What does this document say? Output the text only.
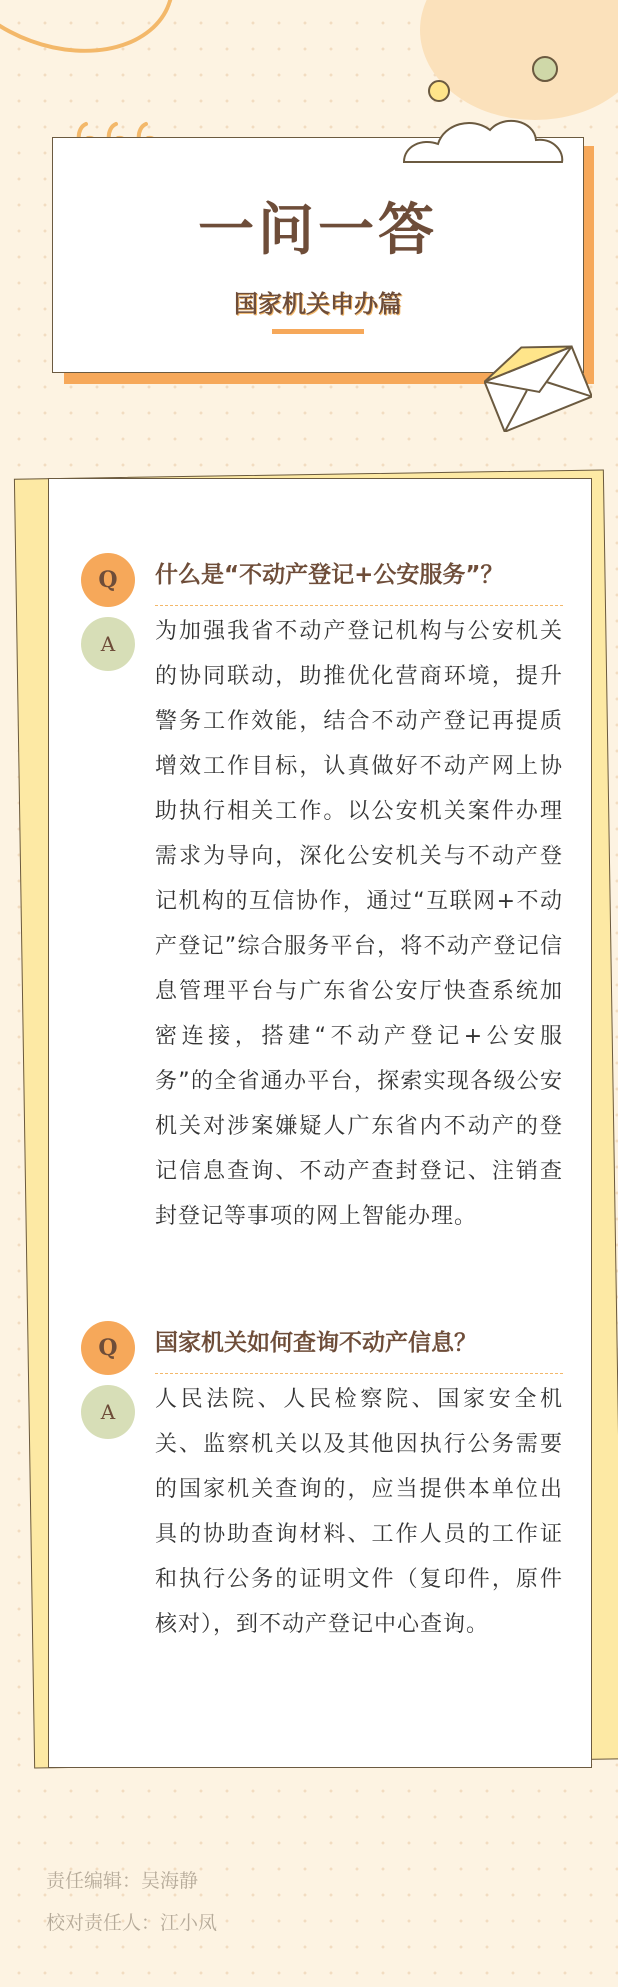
一问一答
国家机关申办篇
Q	什么是“不动产登记+公安服务”？
A	为加强我省不动产登记机构与公安机关的协同联动，助推优化营商环境，提升警务工作效能，结合不动产登记再提质增效工作目标，认真做好不动产网上协助执行相关工作。以公安机关案件办理需求为导向，深化公安机关与不动产登记机构的互信协作，通过“互联网+不动产登记”综合服务平台，将不动产登记信息管理平台与广东省公安厅快查系统加密连接，搭建“不动产登记+公安服务”的全省通办平台，探索实现各级公安机关对涉案嫌疑人广东省内不动产的登记信息查询、不动产查封登记、注销查封登记等事项的网上智能办理。
Q	国家机关如何查询不动产信息？
A	人民法院、人民检察院、国家安全机关、监察机关以及其他因执行公务需要的国家机关查询的，应当提供本单位出具的协助查询材料、工作人员的工作证和执行公务的证明文件（复印件，原件核对），到不动产登记中心查询。
责任编辑：吴海静
校对责任人：江小凤
